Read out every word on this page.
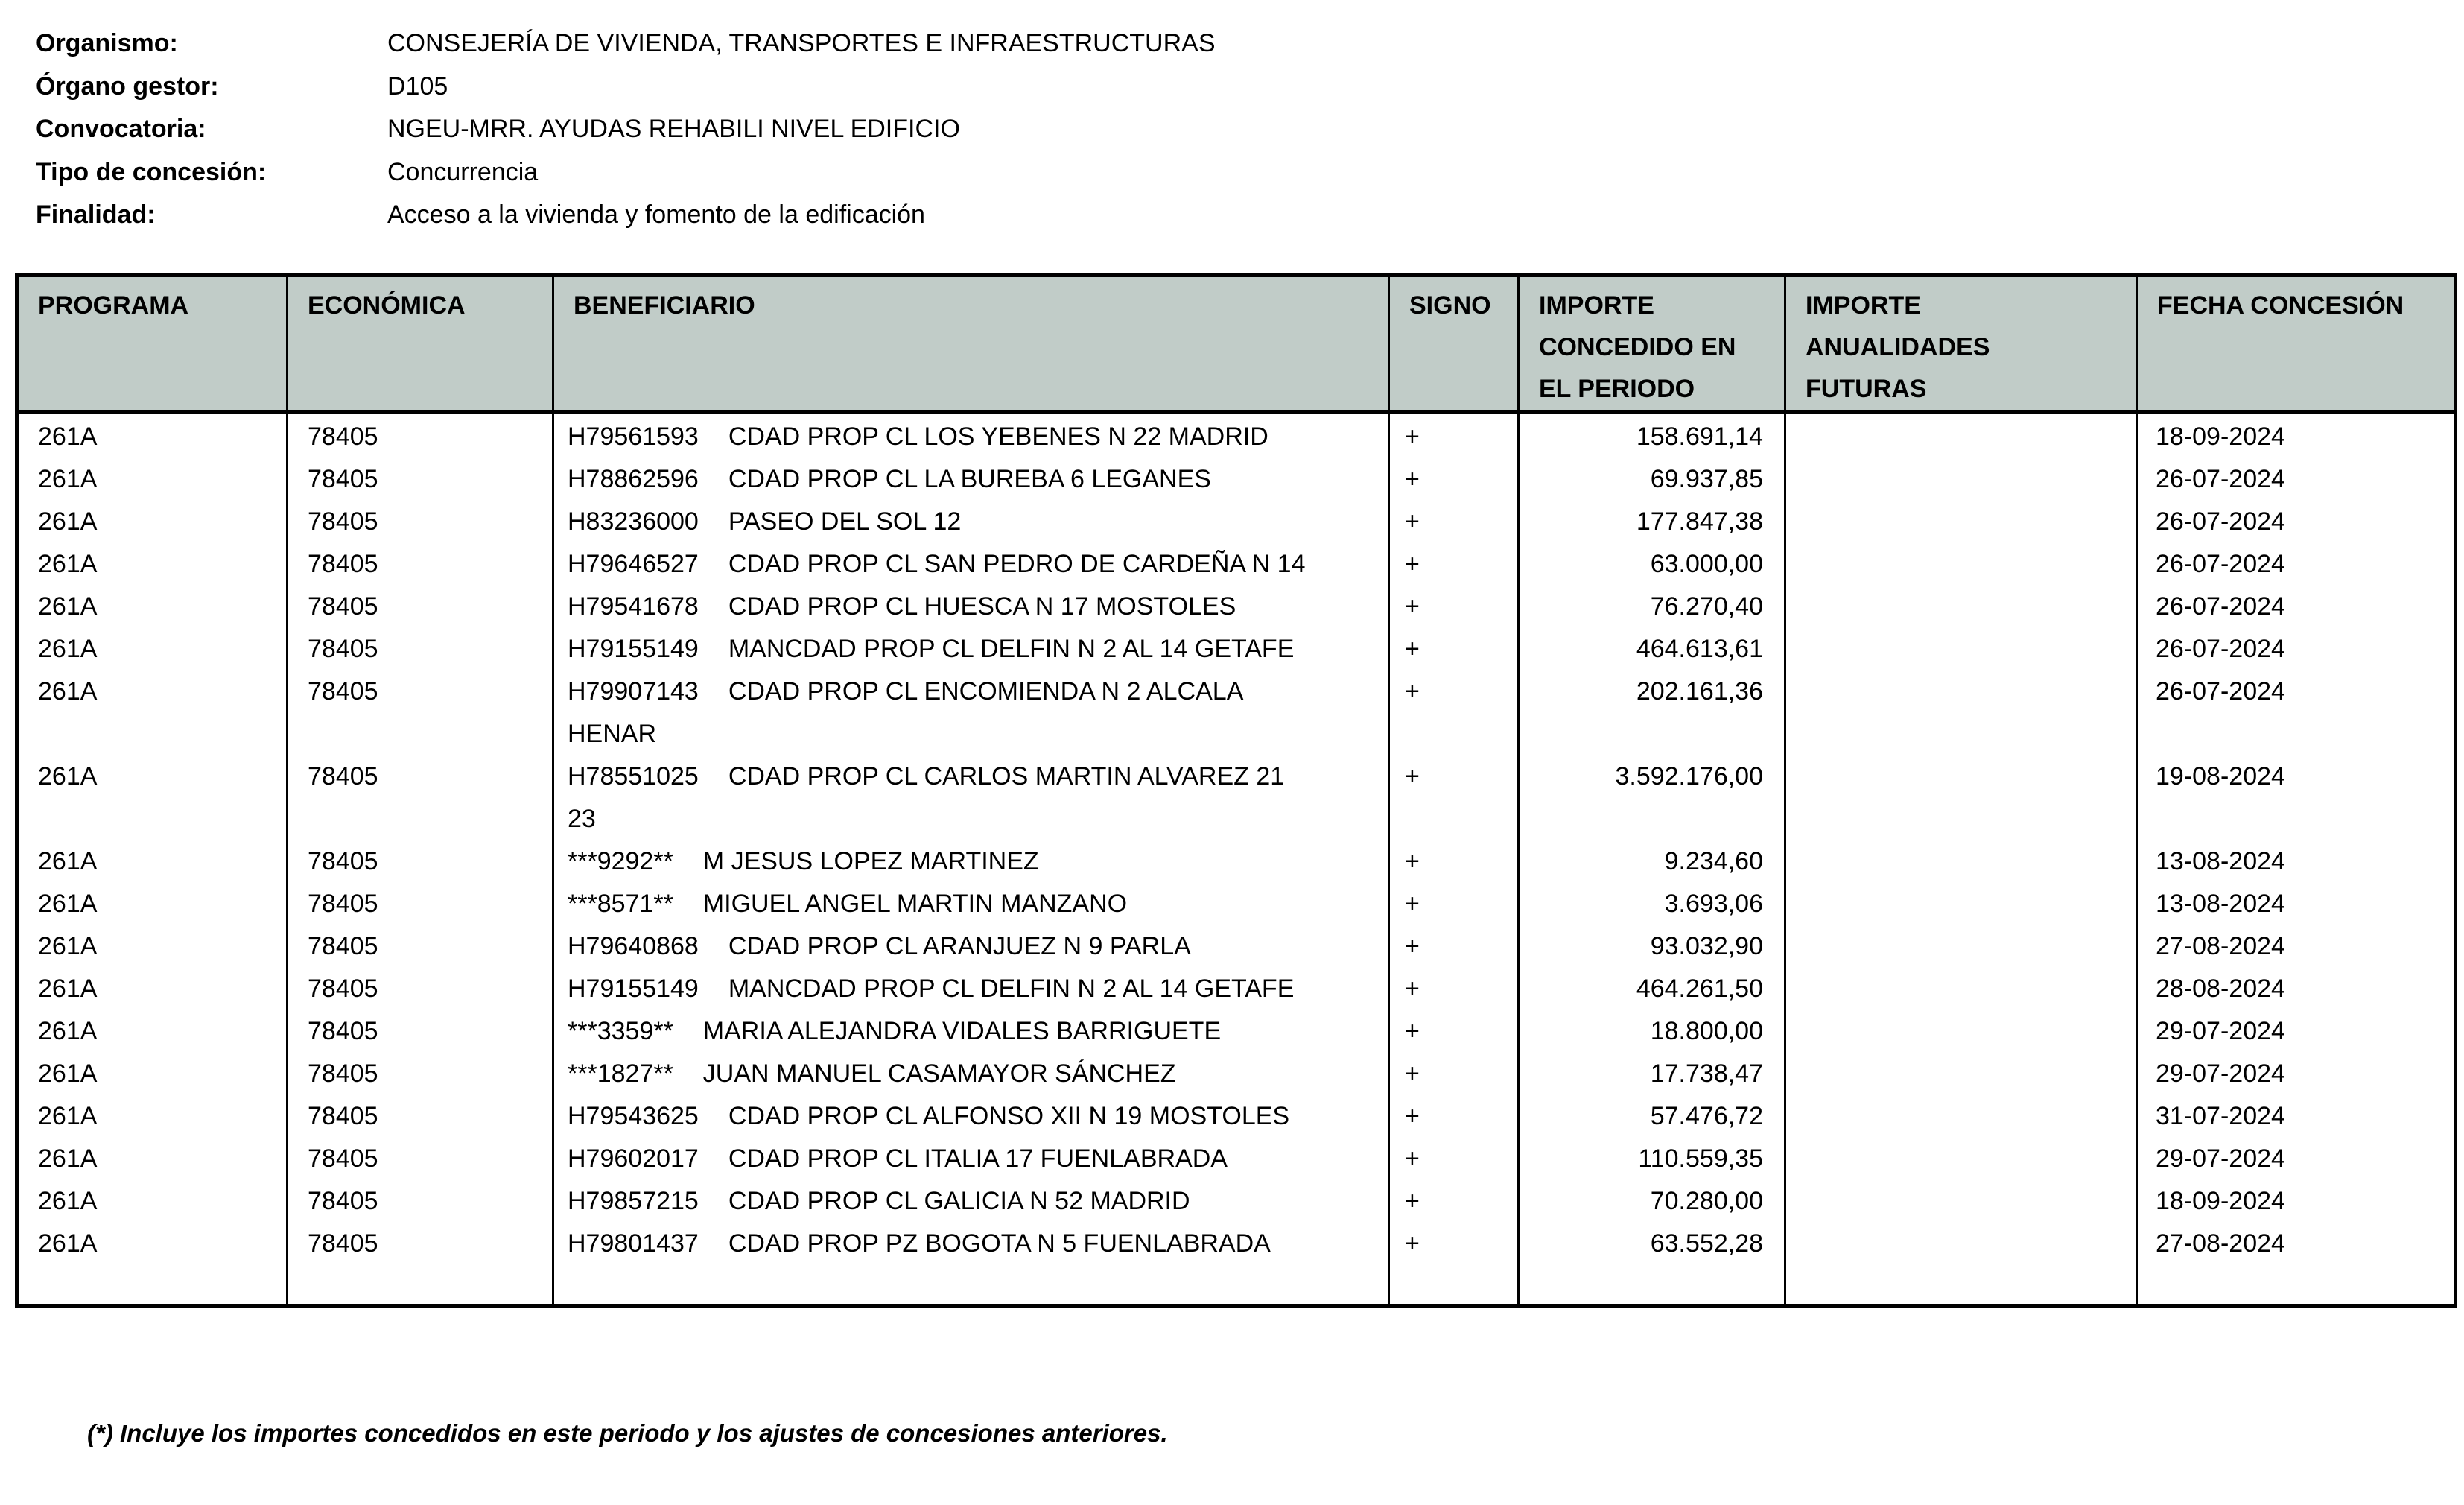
Organismo:	CONSEJERÍA DE VIVIENDA, TRANSPORTES E INFRAESTRUCTURAS
Órgano gestor:	D105
Convocatoria:	NGEU-MRR. AYUDAS REHABILI NIVEL EDIFICIO
Tipo de concesión:	Concurrencia
Finalidad:	Acceso a la vivienda y fomento de la edificación
PROGRAMA	ECONÓMICA	BENEFICIARIO	SIGNO	IMPORTE CONCEDIDO EN EL PERIODO	IMPORTE ANUALIDADES FUTURAS	FECHA CONCESIÓN
261A	78405	H79561593 CDAD PROP CL LOS YEBENES N 22 MADRID	+	158.691,14		18-09-2024
261A	78405	H78862596 CDAD PROP CL LA BUREBA 6 LEGANES	+	69.937,85		26-07-2024
261A	78405	H83236000 PASEO DEL SOL 12	+	177.847,38		26-07-2024
261A	78405	H79646527 CDAD PROP CL SAN PEDRO DE CARDEÑA N 14	+	63.000,00		26-07-2024
261A	78405	H79541678 CDAD PROP CL HUESCA N 17 MOSTOLES	+	76.270,40		26-07-2024
261A	78405	H79155149 MANCDAD PROP CL DELFIN N 2 AL 14 GETAFE	+	464.613,61		26-07-2024
261A	78405	H79907143 CDAD PROP CL ENCOMIENDA N 2 ALCALA HENAR	+	202.161,36		26-07-2024
261A	78405	H78551025 CDAD PROP CL CARLOS MARTIN ALVAREZ 21 23	+	3.592.176,00		19-08-2024
261A	78405	***9292** M JESUS LOPEZ MARTINEZ	+	9.234,60		13-08-2024
261A	78405	***8571** MIGUEL ANGEL MARTIN MANZANO	+	3.693,06		13-08-2024
261A	78405	H79640868 CDAD PROP CL ARANJUEZ N 9 PARLA	+	93.032,90		27-08-2024
261A	78405	H79155149 MANCDAD PROP CL DELFIN N 2 AL 14 GETAFE	+	464.261,50		28-08-2024
261A	78405	***3359** MARIA ALEJANDRA VIDALES BARRIGUETE	+	18.800,00		29-07-2024
261A	78405	***1827** JUAN MANUEL CASAMAYOR SÁNCHEZ	+	17.738,47		29-07-2024
261A	78405	H79543625 CDAD PROP CL ALFONSO XII N 19 MOSTOLES	+	57.476,72		31-07-2024
261A	78405	H79602017 CDAD PROP CL ITALIA 17 FUENLABRADA	+	110.559,35		29-07-2024
261A	78405	H79857215 CDAD PROP CL GALICIA N 52 MADRID	+	70.280,00		18-09-2024
261A	78405	H79801437 CDAD PROP PZ BOGOTA N 5 FUENLABRADA	+	63.552,28		27-08-2024
(*) Incluye los importes concedidos en este periodo y los ajustes de concesiones anteriores.
